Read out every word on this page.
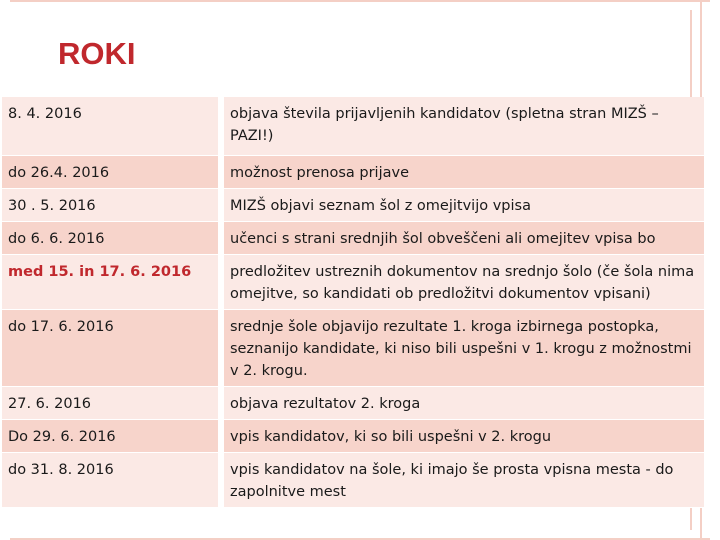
ROKI
8. 4. 2016	objava števila prijavljenih kandidatov (spletna stran MIZŠ – PAZI!)
do 26.4. 2016	možnost prenosa prijave
30 . 5. 2016	MIZŠ objavi seznam šol z omejitvijo vpisa
do 6. 6. 2016	učenci s strani srednjih šol obveščeni ali omejitev vpisa bo
med 15. in 17. 6. 2016	predložitev ustreznih dokumentov na srednjo šolo (če šola nima omejitve, so kandidati ob predložitvi dokumentov vpisani)
do 17. 6. 2016	srednje šole objavijo rezultate 1. kroga izbirnega postopka, seznanijo kandidate, ki niso bili uspešni v 1. krogu z možnostmi v 2. krogu.
27. 6. 2016	objava rezultatov 2. kroga
Do 29. 6. 2016	vpis kandidatov, ki so bili uspešni v 2. krogu
do 31. 8. 2016	vpis kandidatov na šole, ki imajo še prosta vpisna mesta - do zapolnitve mest
